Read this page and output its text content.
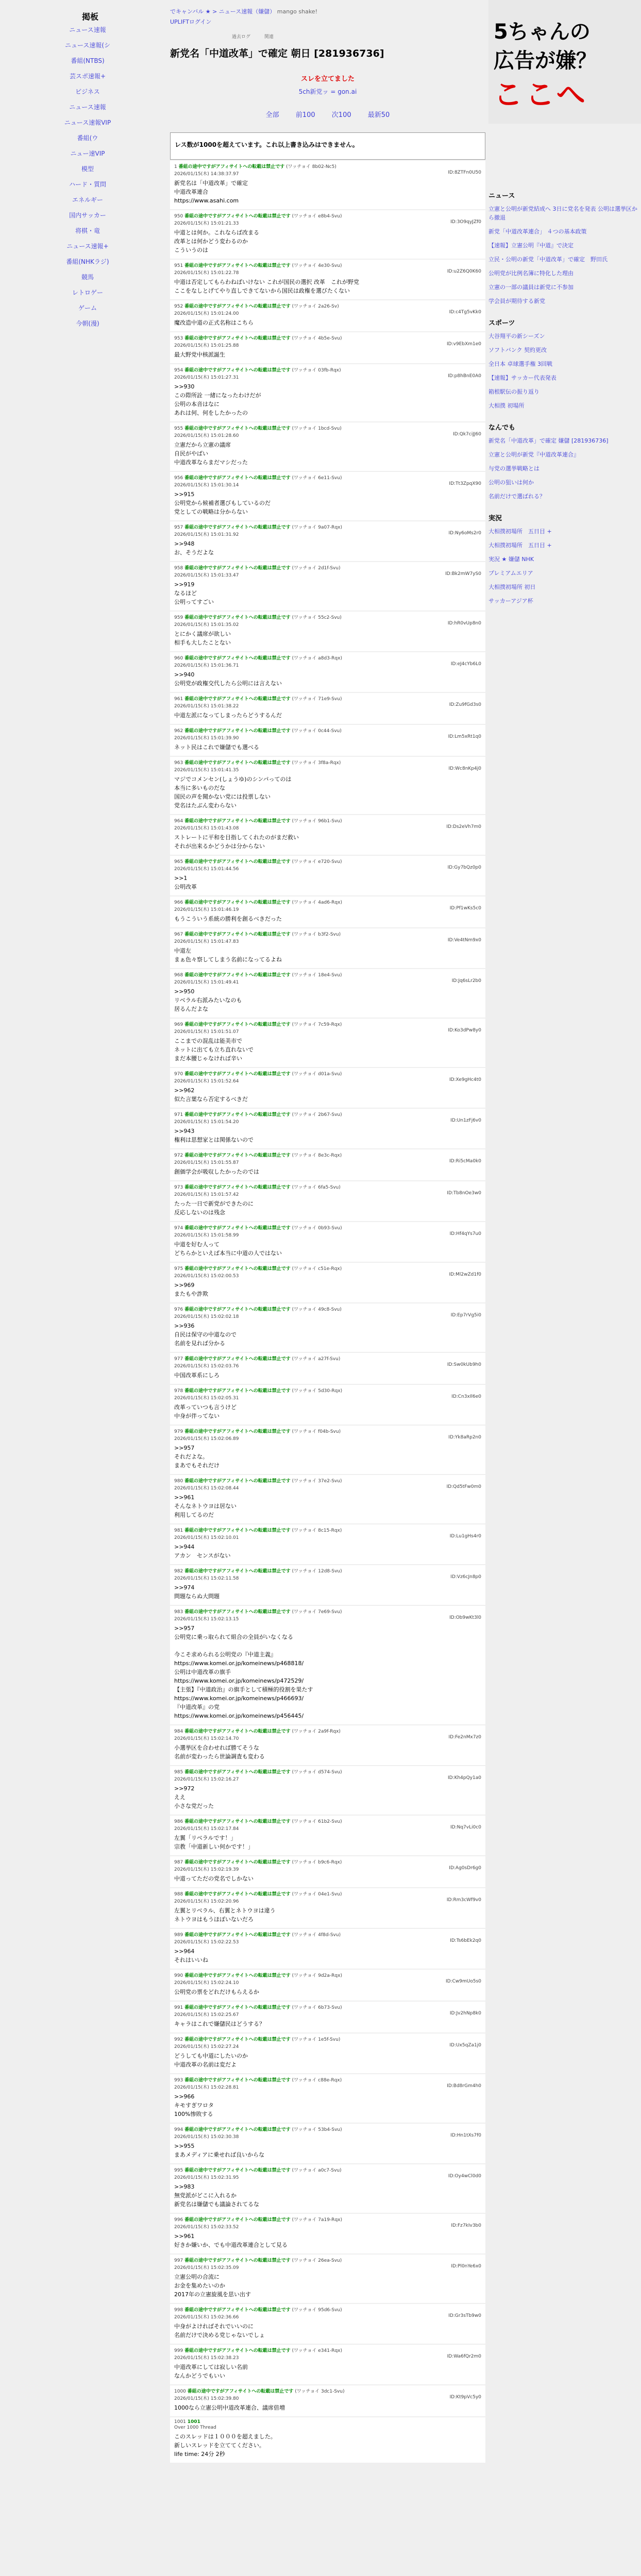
掲板
ニュース速報
ニュース速報(シ
番組(NTBS)
芸スポ速報+
ビジネス
ニュース速報
ニュース速報VIP
番組(ウ
ニュー速VIP
模型
ハード・質問
エネルギー
国内サッカー
将棋・竜
ニュース速報+
番組(NHKラジ)
競馬
レトロゲー
ゲーム
今朝(漫)
でキャンバル ★ > ニュース速報（嫌儲） mango shake!
UPLIFTログイン
過去ログ	関連
新党名「中道改革」で確定 朝日 [281936736]
スレを立てました
5ch新党ッ = gon.ai
全部 前100 次100 最新50
レス数が1000を超えています。これ以上書き込みはできません。
1 番組の途中ですがアフィサイトへの転載は禁止です (ワッチョイ 8b02-Nc5)
2026/01/15(木) 14:38:37.97	ID:8ZTFn0U50
新党名は「中道改革」で確定
中道改革連合
https://www.asahi.com
950 番組の途中ですがアフィサイトへの転載は禁止です (ワッチョイ e8b4-Svu)
2026/01/15(木) 15:01:21.33	ID:3O9qyJZf0
中道とは何か。これならば改まる
改革とは何かどう変わるのか
こういうのは
951 番組の途中ですがアフィサイトへの転載は禁止です (ワッチョイ 4e30-Svu)
2026/01/15(木) 15:01:22.78	ID:u2Z6Q0K60
中道は否定してもらわねばいけない これが国民の選択 改革　これが野党
ここをなしとげてやり直しできてないから国民は政権を選びたくない
952 番組の途中ですがアフィサイトへの転載は禁止です (ワッチョイ 2a26-Sv)
2026/01/15(木) 15:01:24.00	ID:c4Tg5vKk0
魔改造中道の正式名称はこちら
953 番組の途中ですがアフィサイトへの転載は禁止です (ワッチョイ 4b5e-Svu)
2026/01/15(木) 15:01:25.88	ID:v9EbXm1e0
最大野党中核派誕生
954 番組の途中ですがアフィサイトへの転載は禁止です (ワッチョイ 03fb-Rqx)
2026/01/15(木) 15:01:27.31	ID:p8hBnE0A0
>>930
この際所詮 一緒になったわけだが
公明の本音はなに
あれは何、何をしたかったの
955 番組の途中ですがアフィサイトへの転載は禁止です (ワッチョイ 1bcd-Svu)
2026/01/15(木) 15:01:28.60	ID:Qk7ciJJ60
立憲だから立憲の議席
自民がやばい
中道改革ならまだマシだった
956 番組の途中ですがアフィサイトへの転載は禁止です (ワッチョイ 6e11-Svu)
2026/01/15(木) 15:01:30.14	ID:Tt3ZpqX90
>>915
公明党から候補者選びもしているのだ
党としての戦略は分からない
957 番組の途中ですがアフィサイトへの転載は禁止です (ワッチョイ 9a07-Rqx)
2026/01/15(木) 15:01:31.92	ID:Ny6oMs2r0
>>948
お、そうだよな
958 番組の途中ですがアフィサイトへの転載は禁止です (ワッチョイ 2d1f-Svu)
2026/01/15(木) 15:01:33.47	ID:Bk2mW7yS0
>>919
なるほど
公明ってすごい
959 番組の途中ですがアフィサイトへの転載は禁止です (ワッチョイ 55c2-Svu)
2026/01/15(木) 15:01:35.02	ID:hR0vUp8n0
とにかく議席が欲しい
相手も大したことない
960 番組の途中ですがアフィサイトへの転載は禁止です (ワッチョイ a8d3-Rqx)
2026/01/15(木) 15:01:36.71	ID:eJ4cYb6L0
>>940
公明党が政権交代したら公明には言えない
961 番組の途中ですがアフィサイトへの転載は禁止です (ワッチョイ 71e9-Svu)
2026/01/15(木) 15:01:38.22	ID:Zu9fGd3s0
中道左派になってしまったらどうするんだ
962 番組の途中ですがアフィサイトへの転載は禁止です (ワッチョイ 0c44-Svu)
2026/01/15(木) 15:01:39.90	ID:Lm5xRt1q0
ネット民はこれで嫌儲でも選べる
963 番組の途中ですがアフィサイトへの転載は禁止です (ワッチョイ 3f8a-Rqx)
2026/01/15(木) 15:01:41.35	ID:Wc8nKp4j0
マジでコメンセン(しょうゆ)のシンパってのは
本当に多いものだな
国民の声を聞かない党には投票しない
党名はたぶん変わらない
964 番組の途中ですがアフィサイトへの転載は禁止です (ワッチョイ 96b1-Svu)
2026/01/15(木) 15:01:43.08	ID:Ds2eVh7m0
ストレートに平和を目指してくれたのがまだ救い
それが出来るかどうかは分からない
965 番組の途中ですがアフィサイトへの転載は禁止です (ワッチョイ e720-Svu)
2026/01/15(木) 15:01:44.56	ID:Gy7bQz0p0
>>1
公明改革
966 番組の途中ですがアフィサイトへの転載は禁止です (ワッチョイ 4ad6-Rqx)
2026/01/15(木) 15:01:46.19	ID:Pf1wKs5c0
もうこういう系統の勝利を創るべきだった
967 番組の途中ですがアフィサイトへの転載は禁止です (ワッチョイ b3f2-Svu)
2026/01/15(木) 15:01:47.83	ID:Ve4tNm9x0
中道左
まぁ色々察してしまう名前になってるよね
968 番組の途中ですがアフィサイトへの転載は禁止です (ワッチョイ 18e4-Svu)
2026/01/15(木) 15:01:49.41	ID:Jq6sLr2b0
>>950
リベラル右派みたいなのも
居るんだよな
969 番組の途中ですがアフィサイトへの転載は禁止です (ワッチョイ 7c59-Rqx)
2026/01/15(木) 15:01:51.07	ID:Ko3dPw8y0
ここまでの混乱は能美市で
ネットに出ても立ち直れないで
まだ本腰じゃなければ辛い
970 番組の途中ですがアフィサイトへの転載は禁止です (ワッチョイ d01a-Svu)
2026/01/15(木) 15:01:52.64	ID:Xe9gHc4t0
>>962
似た言葉なら否定するべきだ
971 番組の途中ですがアフィサイトへの転載は禁止です (ワッチョイ 2b67-Svu)
2026/01/15(木) 15:01:54.20	ID:Un1zFj6v0
>>943
権利は思想家とは関係ないので
972 番組の途中ですがアフィサイトへの転載は禁止です (ワッチョイ 8e3c-Rqx)
2026/01/15(木) 15:01:55.87	ID:Ri5cMa0k0
創価学会が吸収したかったのでは
973 番組の途中ですがアフィサイトへの転載は禁止です (ワッチョイ 6fa5-Svu)
2026/01/15(木) 15:01:57.42	ID:Tb8nOe3w0
たった一日で新党ができたのに
反応しないのは残念
974 番組の途中ですがアフィサイトへの転載は禁止です (ワッチョイ 0b93-Svu)
2026/01/15(木) 15:01:58.99	ID:Hf4qYs7u0
中道を好む人って
どちらかといえば本当に中道の人ではない
975 番組の途中ですがアフィサイトへの転載は禁止です (ワッチョイ c51e-Rqx)
2026/01/15(木) 15:02:00.53	ID:Ml2wZd1f0
>>969
またもや詐欺
976 番組の途中ですがアフィサイトへの転載は禁止です (ワッチョイ 49c8-Svu)
2026/01/15(木) 15:02:02.18	ID:Ep7rVg5i0
>>936
自民は保守の中道なので
名前を見れば分かる
977 番組の途中ですがアフィサイトへの転載は禁止です (ワッチョイ a27f-Svu)
2026/01/15(木) 15:02:03.76	ID:Sw0kUb9h0
中国改革系にしろ
978 番組の途中ですがアフィサイトへの転載は禁止です (ワッチョイ 5d30-Rqx)
2026/01/15(木) 15:02:05.31	ID:Cn3xIl6e0
改革っていつも言うけど
中身が伴ってない
979 番組の途中ですがアフィサイトへの転載は禁止です (ワッチョイ f04b-Svu)
2026/01/15(木) 15:02:06.89	ID:Yk8aRp2n0
>>957
それだよな。
まあでもそれだけ
980 番組の途中ですがアフィサイトへの転載は禁止です (ワッチョイ 37e2-Svu)
2026/01/15(木) 15:02:08.44	ID:Qd5tFw0m0
>>961
そんなネトウヨは居ない
利用してるのだ
981 番組の途中ですがアフィサイトへの転載は禁止です (ワッチョイ 8c15-Rqx)
2026/01/15(木) 15:02:10.01	ID:Lu1gHs4r0
>>944
アカン　センスがない
982 番組の途中ですがアフィサイトへの転載は禁止です (ワッチョイ 12d8-Svu)
2026/01/15(木) 15:02:11.58	ID:Vz6cJn8p0
>>974
問題ならぬ大問題
983 番組の途中ですがアフィサイトへの転載は禁止です (ワッチョイ 7e69-Svu)
2026/01/15(木) 15:02:13.15	ID:Ob9wKt3l0
>>957
公明党に乗っ取られて組合の全員がいなくなる

今こそ求められる公明党の『中道主義』
https://www.komei.or.jp/komeinews/p468818/
公明は中道改革の旗手
https://www.komei.or.jp/komeinews/p472529/
【主張】『中道政治』の旗手として積極的役割を果たす
https://www.komei.or.jp/komeinews/p466693/
『中道改革』の党
https://www.komei.or.jp/komeinews/p456445/
984 番組の途中ですがアフィサイトへの転載は禁止です (ワッチョイ 2a9f-Rqx)
2026/01/15(木) 15:02:14.70	ID:Fe2nMx7z0
小選挙区を合わせれば勝てそうな
名前が変わったら世論調査も変わる
985 番組の途中ですがアフィサイトへの転載は禁止です (ワッチョイ d574-Svu)
2026/01/15(木) 15:02:16.27	ID:Kh4pQy1a0
>>972
ええ
小さな党だった
986 番組の途中ですがアフィサイトへの転載は禁止です (ワッチョイ 61b2-Svu)
2026/01/15(木) 15:02:17.84	ID:Nq7vLi0c0
左翼「リベラルです！」
宗教「中道新しい何かです！」
987 番組の途中ですがアフィサイトへの転載は禁止です (ワッチョイ b9c6-Rqx)
2026/01/15(木) 15:02:19.39	ID:Ag0sDr6g0
中道ってただの党名でしかない
988 番組の途中ですがアフィサイトへの転載は禁止です (ワッチョイ 04e1-Svu)
2026/01/15(木) 15:02:20.96	ID:Rm3cWf9v0
左翼とリベラル、右翼とネトウヨは違う
ネトウヨはもうほぼいないだろ
989 番組の途中ですがアフィサイトへの転載は禁止です (ワッチョイ 4f8d-Svu)
2026/01/15(木) 15:02:22.53	ID:Ts6bEk2q0
>>964
それはいいね
990 番組の途中ですがアフィサイトへの転載は禁止です (ワッチョイ 9d2a-Rqx)
2026/01/15(木) 15:02:24.10	ID:Cw9mUo5s0
公明党の票をどれだけもらえるか
991 番組の途中ですがアフィサイトへの転載は禁止です (ワッチョイ 6b73-Svu)
2026/01/15(木) 15:02:25.67	ID:Jv2hNp8k0
キャラはこれで嫌儲民はどうする？
992 番組の途中ですがアフィサイトへの転載は禁止です (ワッチョイ 1e5f-Svu)
2026/01/15(木) 15:02:27.24	ID:Ux5qZa1j0
どうしても中道にしたいのか
中道改革の名前は変だよ
993 番組の途中ですがアフィサイトへの転載は禁止です (ワッチョイ c88e-Rqx)
2026/01/15(木) 15:02:28.81	ID:Bd8rGm4h0
>>966
キモすぎワロタ
100%惨敗する
994 番組の途中ですがアフィサイトへの転載は禁止です (ワッチョイ 53b4-Svu)
2026/01/15(木) 15:02:30.38	ID:Hn1tXs7f0
>>955
まあメディアに乗せれば良いからな
995 番組の途中ですがアフィサイトへの転載は禁止です (ワッチョイ a0c7-Svu)
2026/01/15(木) 15:02:31.95	ID:Oy4wCl0d0
>>983
無党派がどこに入れるか
新党名は嫌儲でも議論されてるな
996 番組の途中ですがアフィサイトへの転載は禁止です (ワッチョイ 7a19-Rqx)
2026/01/15(木) 15:02:33.52	ID:Fz7kIv3b0
>>961
好きか嫌いか、でも中道改革連合として見る
997 番組の途中ですがアフィサイトへの転載は禁止です (ワッチョイ 26ea-Svu)
2026/01/15(木) 15:02:35.09	ID:Pl0nYe6x0
立憲公明の合流に
お金を集めたいのか
2017年の立憲旋風を思い出す
998 番組の途中ですがアフィサイトへの転載は禁止です (ワッチョイ 95d6-Svu)
2026/01/15(木) 15:02:36.66	ID:Gr3sTb9w0
中身がよければそれでいいのに
名前だけで決める党じゃないでしょ
999 番組の途中ですがアフィサイトへの転載は禁止です (ワッチョイ e341-Rqx)
2026/01/15(木) 15:02:38.23	ID:Wa6fQr2m0
中道改革にしては寂しい名前
なんかどうでもいい
1000 番組の途中ですがアフィサイトへの転載は禁止です (ワッチョイ 3dc1-Svu)
2026/01/15(木) 15:02:39.80	ID:Kt9pVc5y0
1000なら立憲公明中道改革連合、議席倍増
1001 1001
Over 1000 Thread
このスレッドは１０００を超えました。
新しいスレッドを立ててください。
life time: 24分 2秒
5ちゃんの
広告が嫌？
ここへ
ニュース
立憲と公明が新党結成へ 3日に党名を発表 公明は選挙区から撤退
新党「中道改革連合」 ４つの基本政策
【速報】立憲公明『中道』で決定
立民・公明の新党「中道改革」で確定　野田氏
公明党が比例名簿に特化した理由
立憲の一部の議員は新党に不参加
学会員が期待する新党
スポーツ
大谷翔平の新シーズン
ソフトバンク 契約更改
全日本 卓球選手権 3回戦
【速報】サッカー代表発表
箱根駅伝の振り返り
大相撲 初場所
なんでも
新党名「中道改革」で確定 嫌儲 [281936736]
立憲と公明が新党『中道改革連合』
与党の選挙戦略とは
公明の狙いは何か
名前だけで選ばれる？
実況
大相撲初場所　五日目 +
大相撲初場所　五日目 +
実況 ★ 嫌儲 NHK
プレミアムエリア
大相撲初場所 初日
サッカーアジア杯
